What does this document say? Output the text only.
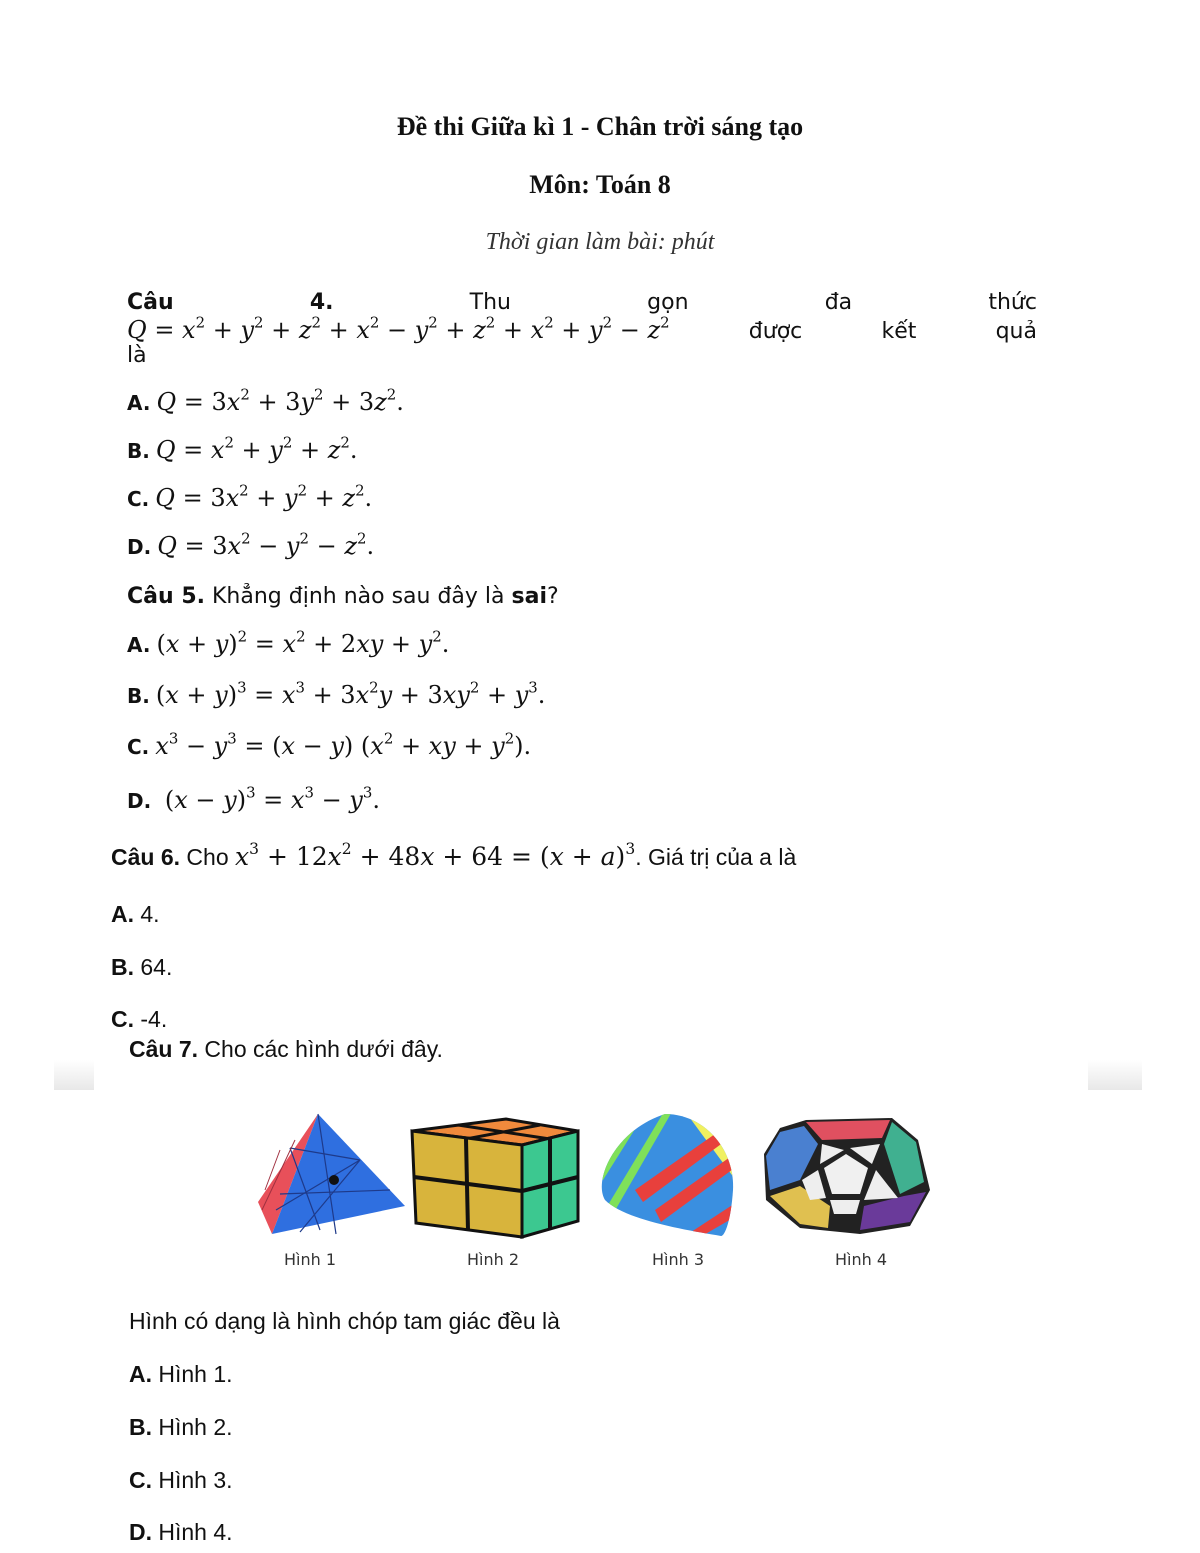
Đề thi Giữa kì 1 - Chân trời sáng tạo
Môn: Toán 8
Thời gian làm bài: phút
Câu	4.	Thu	gọn	đa	thức
$Q = x^2 + y^2 + z^2 + x^2 - y^2 + z^2 + x^2 + y^2 - z^2$	được	kết	quả
là
A. $Q = 3x^2 + 3y^2 + 3z^2$.
B. $Q = x^2 + y^2 + z^2$.
C. $Q = 3x^2 + y^2 + z^2$.
D. $Q = 3x^2 - y^2 - z^2$.
Câu 5. Khẳng định nào sau đây là sai?
A. $(x + y)^2 = x^2 + 2xy + y^2$.
B. $(x + y)^3 = x^3 + 3x^2y + 3xy^2 + y^3$.
C. $x^3 - y^3 = (x - y) (x^2$ + xy + $y^2$).
D. $(x - y)^3 = x^3 - y^3$.
Câu 6. Cho $x^3 + 12x^2 + 48x + 64 = (x + a)^3$. Giá trị của a là
A. 4.
B. 64.
C. -4.
Câu 7. Cho các hình dưới đây.
Hình 1	Hình 2	Hình 3	Hình 4
Hình có dạng là hình chóp tam giác đều là
A. Hình 1.
B. Hình 2.
C. Hình 3.
D. Hình 4.
